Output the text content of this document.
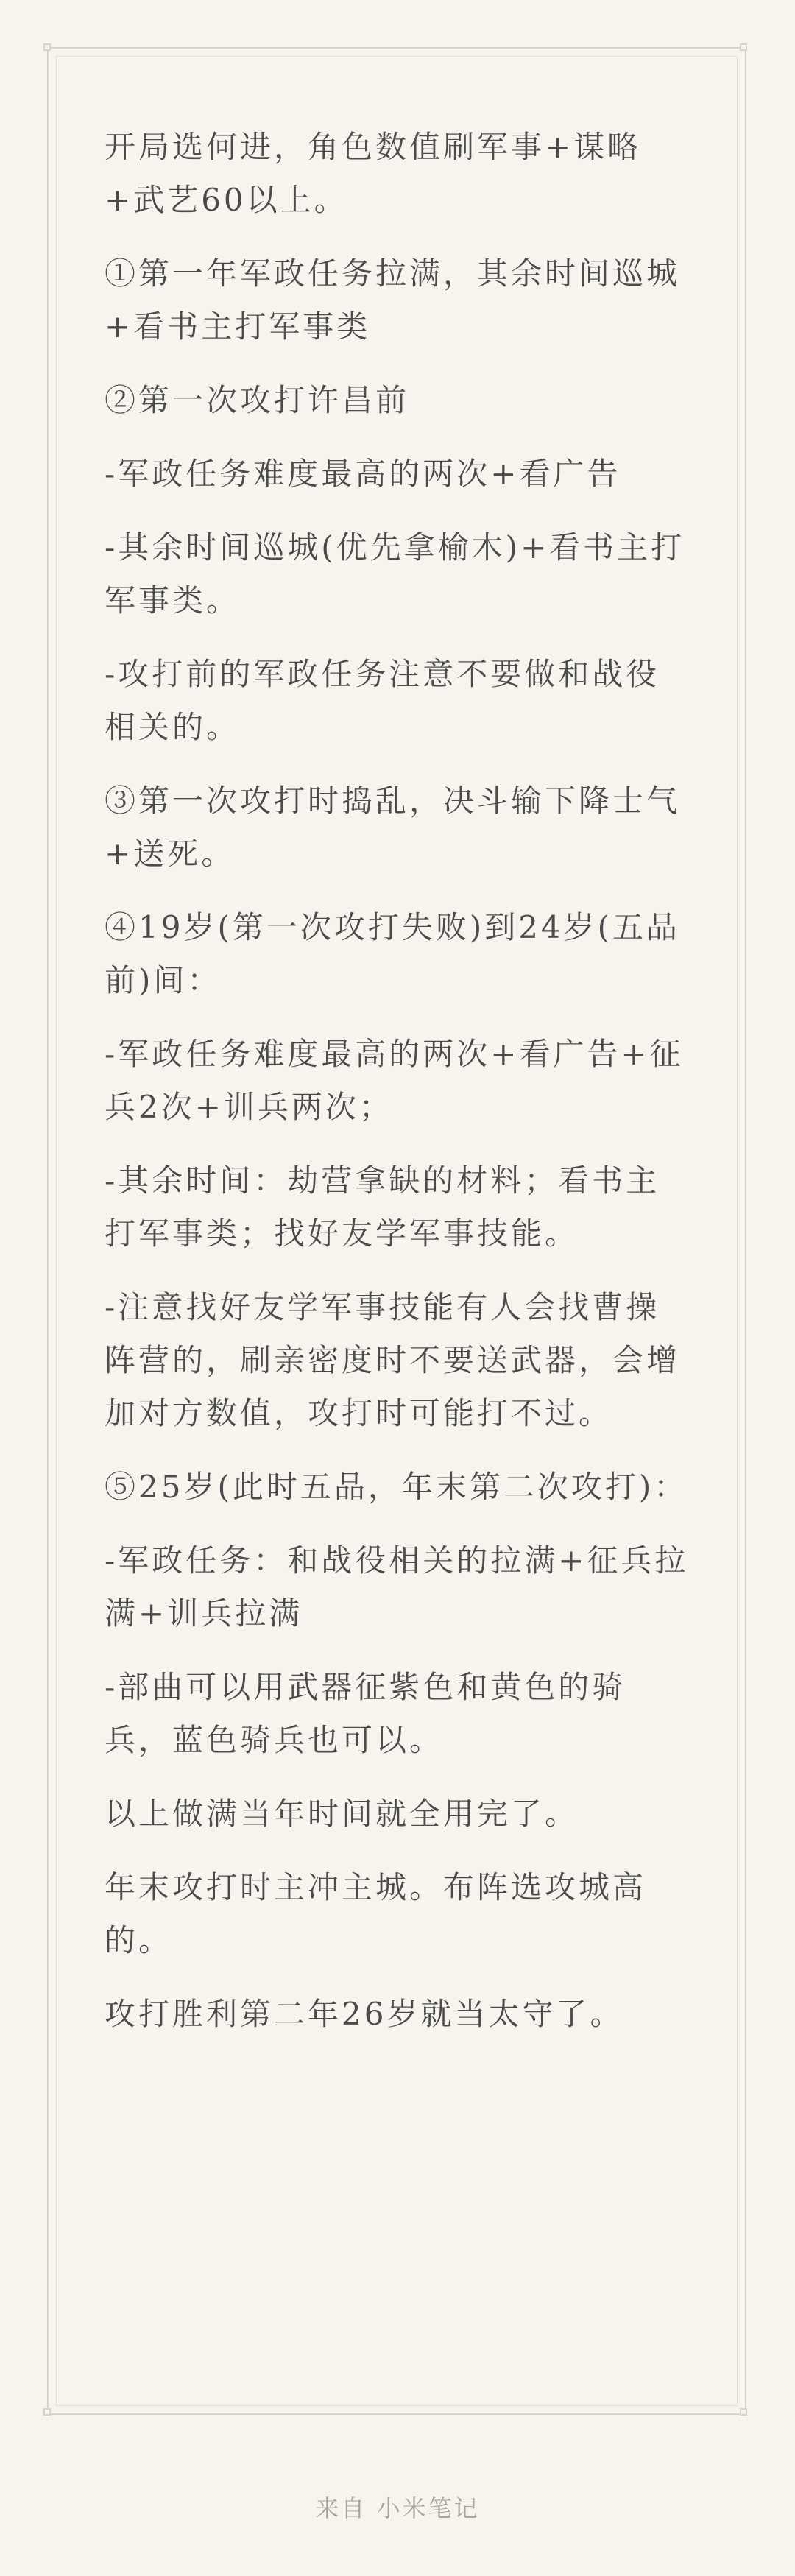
开局选何进，角色数值刷军事+谋略+武艺60以上。

①第一年军政任务拉满，其余时间巡城+看书主打军事类

②第一次攻打许昌前

-军政任务难度最高的两次+看广告

-其余时间巡城(优先拿榆木)+看书主打军事类。

-攻打前的军政任务注意不要做和战役相关的。

③第一次攻打时捣乱，决斗输下降士气+送死。

④19岁(第一次攻打失败)到24岁(五品前)间：

-军政任务难度最高的两次+看广告+征兵2次+训兵两次；

-其余时间：劫营拿缺的材料；看书主打军事类；找好友学军事技能。

-注意找好友学军事技能有人会找曹操阵营的，刷亲密度时不要送武器，会增加对方数值，攻打时可能打不过。

⑤25岁(此时五品，年末第二次攻打)：

-军政任务：和战役相关的拉满+征兵拉满+训兵拉满

-部曲可以用武器征紫色和黄色的骑兵，蓝色骑兵也可以。

以上做满当年时间就全用完了。

年末攻打时主冲主城。布阵选攻城高的。

攻打胜利第二年26岁就当太守了。

来自 小米笔记
